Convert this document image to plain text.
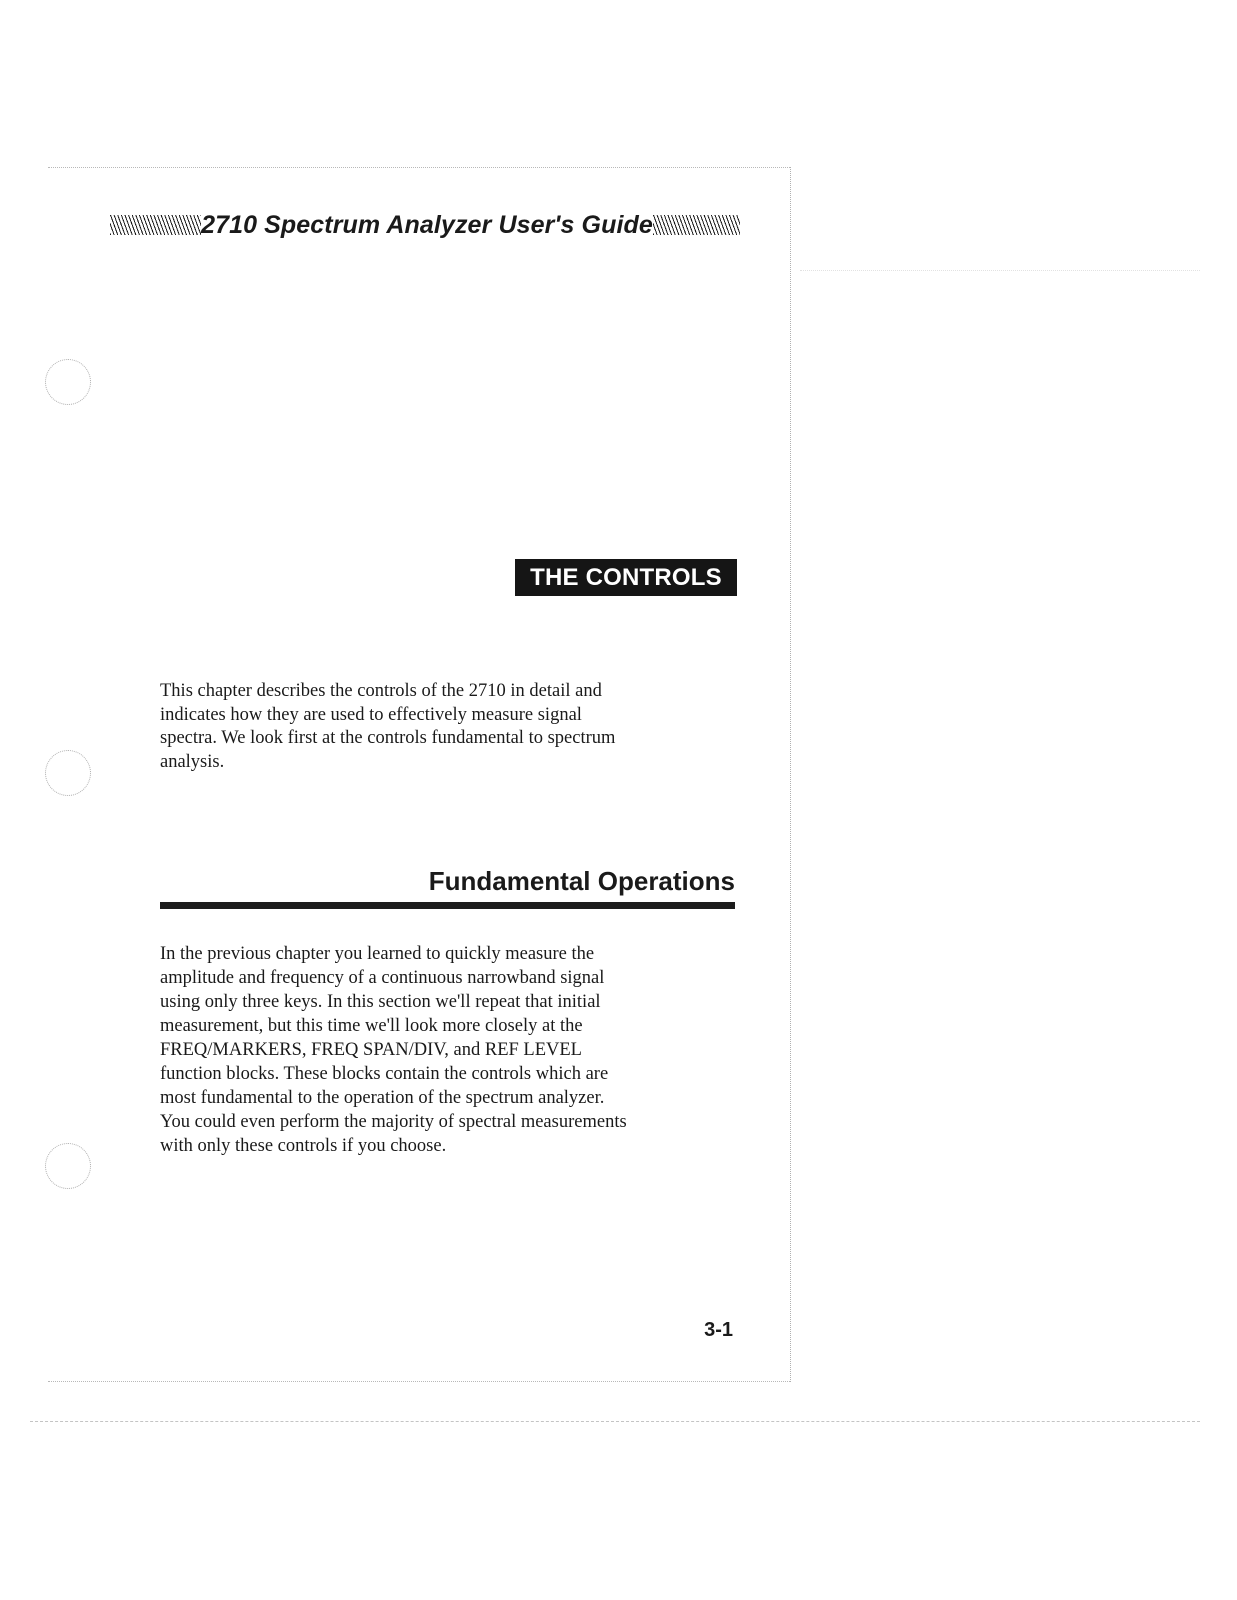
2710 Spectrum Analyzer User's Guide
THE CONTROLS

This chapter describes the controls of the 2710 in detail and
indicates how they are used to effectively measure signal
spectra. We look first at the controls fundamental to spectrum
analysis.

Fundamental Operations

In the previous chapter you learned to quickly measure the
amplitude and frequency of a continuous narrowband signal
using only three keys. In this section we'll repeat that initial
measurement, but this time we'll look more closely at the
FREQ/MARKERS, FREQ SPAN/DIV, and REF LEVEL
function blocks. These blocks contain the controls which are
most fundamental to the operation of the spectrum analyzer.
You could even perform the majority of spectral measurements
with only these controls if you choose.

3-1
